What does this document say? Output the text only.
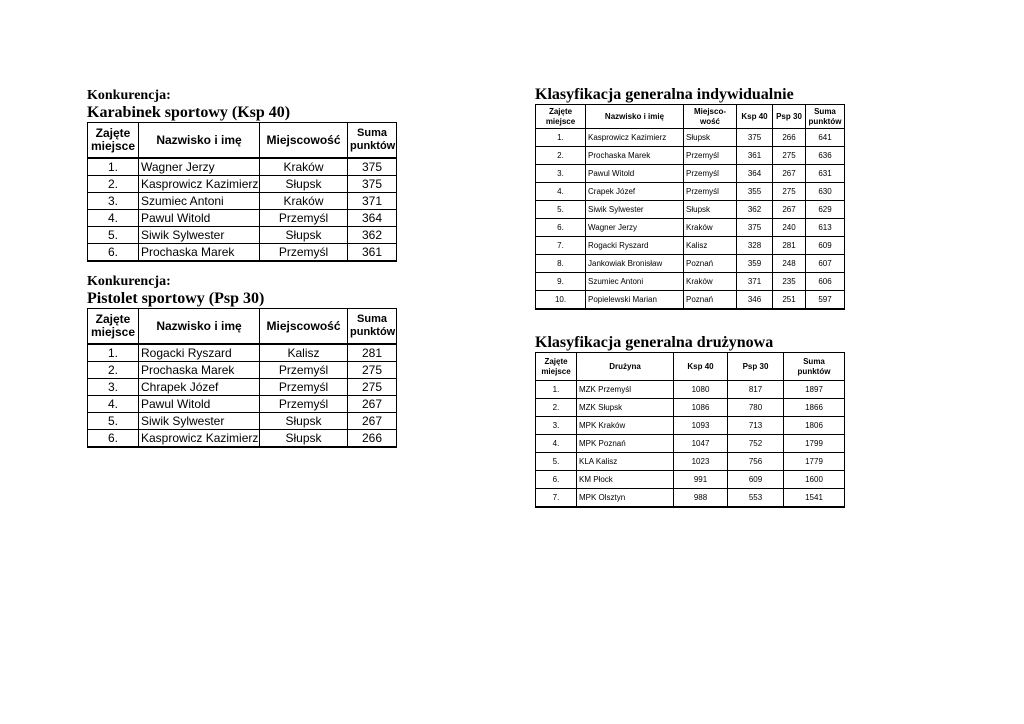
Konkurencja:
Karabinek sportowy (Ksp 40)
Zajęte miejsce	Nazwisko i imę	Miejscowość	Suma punktów
1.	Wagner Jerzy	Kraków	375
2.	Kasprowicz Kazimierz	Słupsk	375
3.	Szumiec Antoni	Kraków	371
4.	Pawul Witold	Przemyśl	364
5.	Siwik Sylwester	Słupsk	362
6.	Prochaska Marek	Przemyśl	361
Konkurencja:
Pistolet sportowy (Psp 30)
Zajęte miejsce	Nazwisko i imę	Miejscowość	Suma punktów
1.	Rogacki Ryszard	Kalisz	281
2.	Prochaska Marek	Przemyśl	275
3.	Chrapek Józef	Przemyśl	275
4.	Pawul Witold	Przemyśl	267
5.	Siwik Sylwester	Słupsk	267
6.	Kasprowicz Kazimierz	Słupsk	266
Klasyfikacja generalna indywidualnie
Zajęte miejsce	Nazwisko i imię	Miejsco-wość	Ksp 40	Psp 30	Suma punktów
1.	Kasprowicz Kazimierz	Słupsk	375	266	641
2.	Prochaska Marek	Przemyśl	361	275	636
3.	Pawul Witold	Przemyśl	364	267	631
4.	Crapek Józef	Przemyśl	355	275	630
5.	Siwik Sylwester	Słupsk	362	267	629
6.	Wagner Jerzy	Kraków	375	240	613
7.	Rogacki Ryszard	Kalisz	328	281	609
8.	Jankowiak Bronisław	Poznań	359	248	607
9.	Szumiec Antoni	Kraków	371	235	606
10.	Popielewski Marian	Poznań	346	251	597
Klasyfikacja generalna drużynowa
Zajęte miejsce	Drużyna	Ksp 40	Psp 30	Suma punktów
1.	MZK Przemyśl	1080	817	1897
2.	MZK Słupsk	1086	780	1866
3.	MPK Kraków	1093	713	1806
4.	MPK Poznań	1047	752	1799
5.	KLA Kalisz	1023	756	1779
6.	KM Płock	991	609	1600
7.	MPK Olsztyn	988	553	1541
